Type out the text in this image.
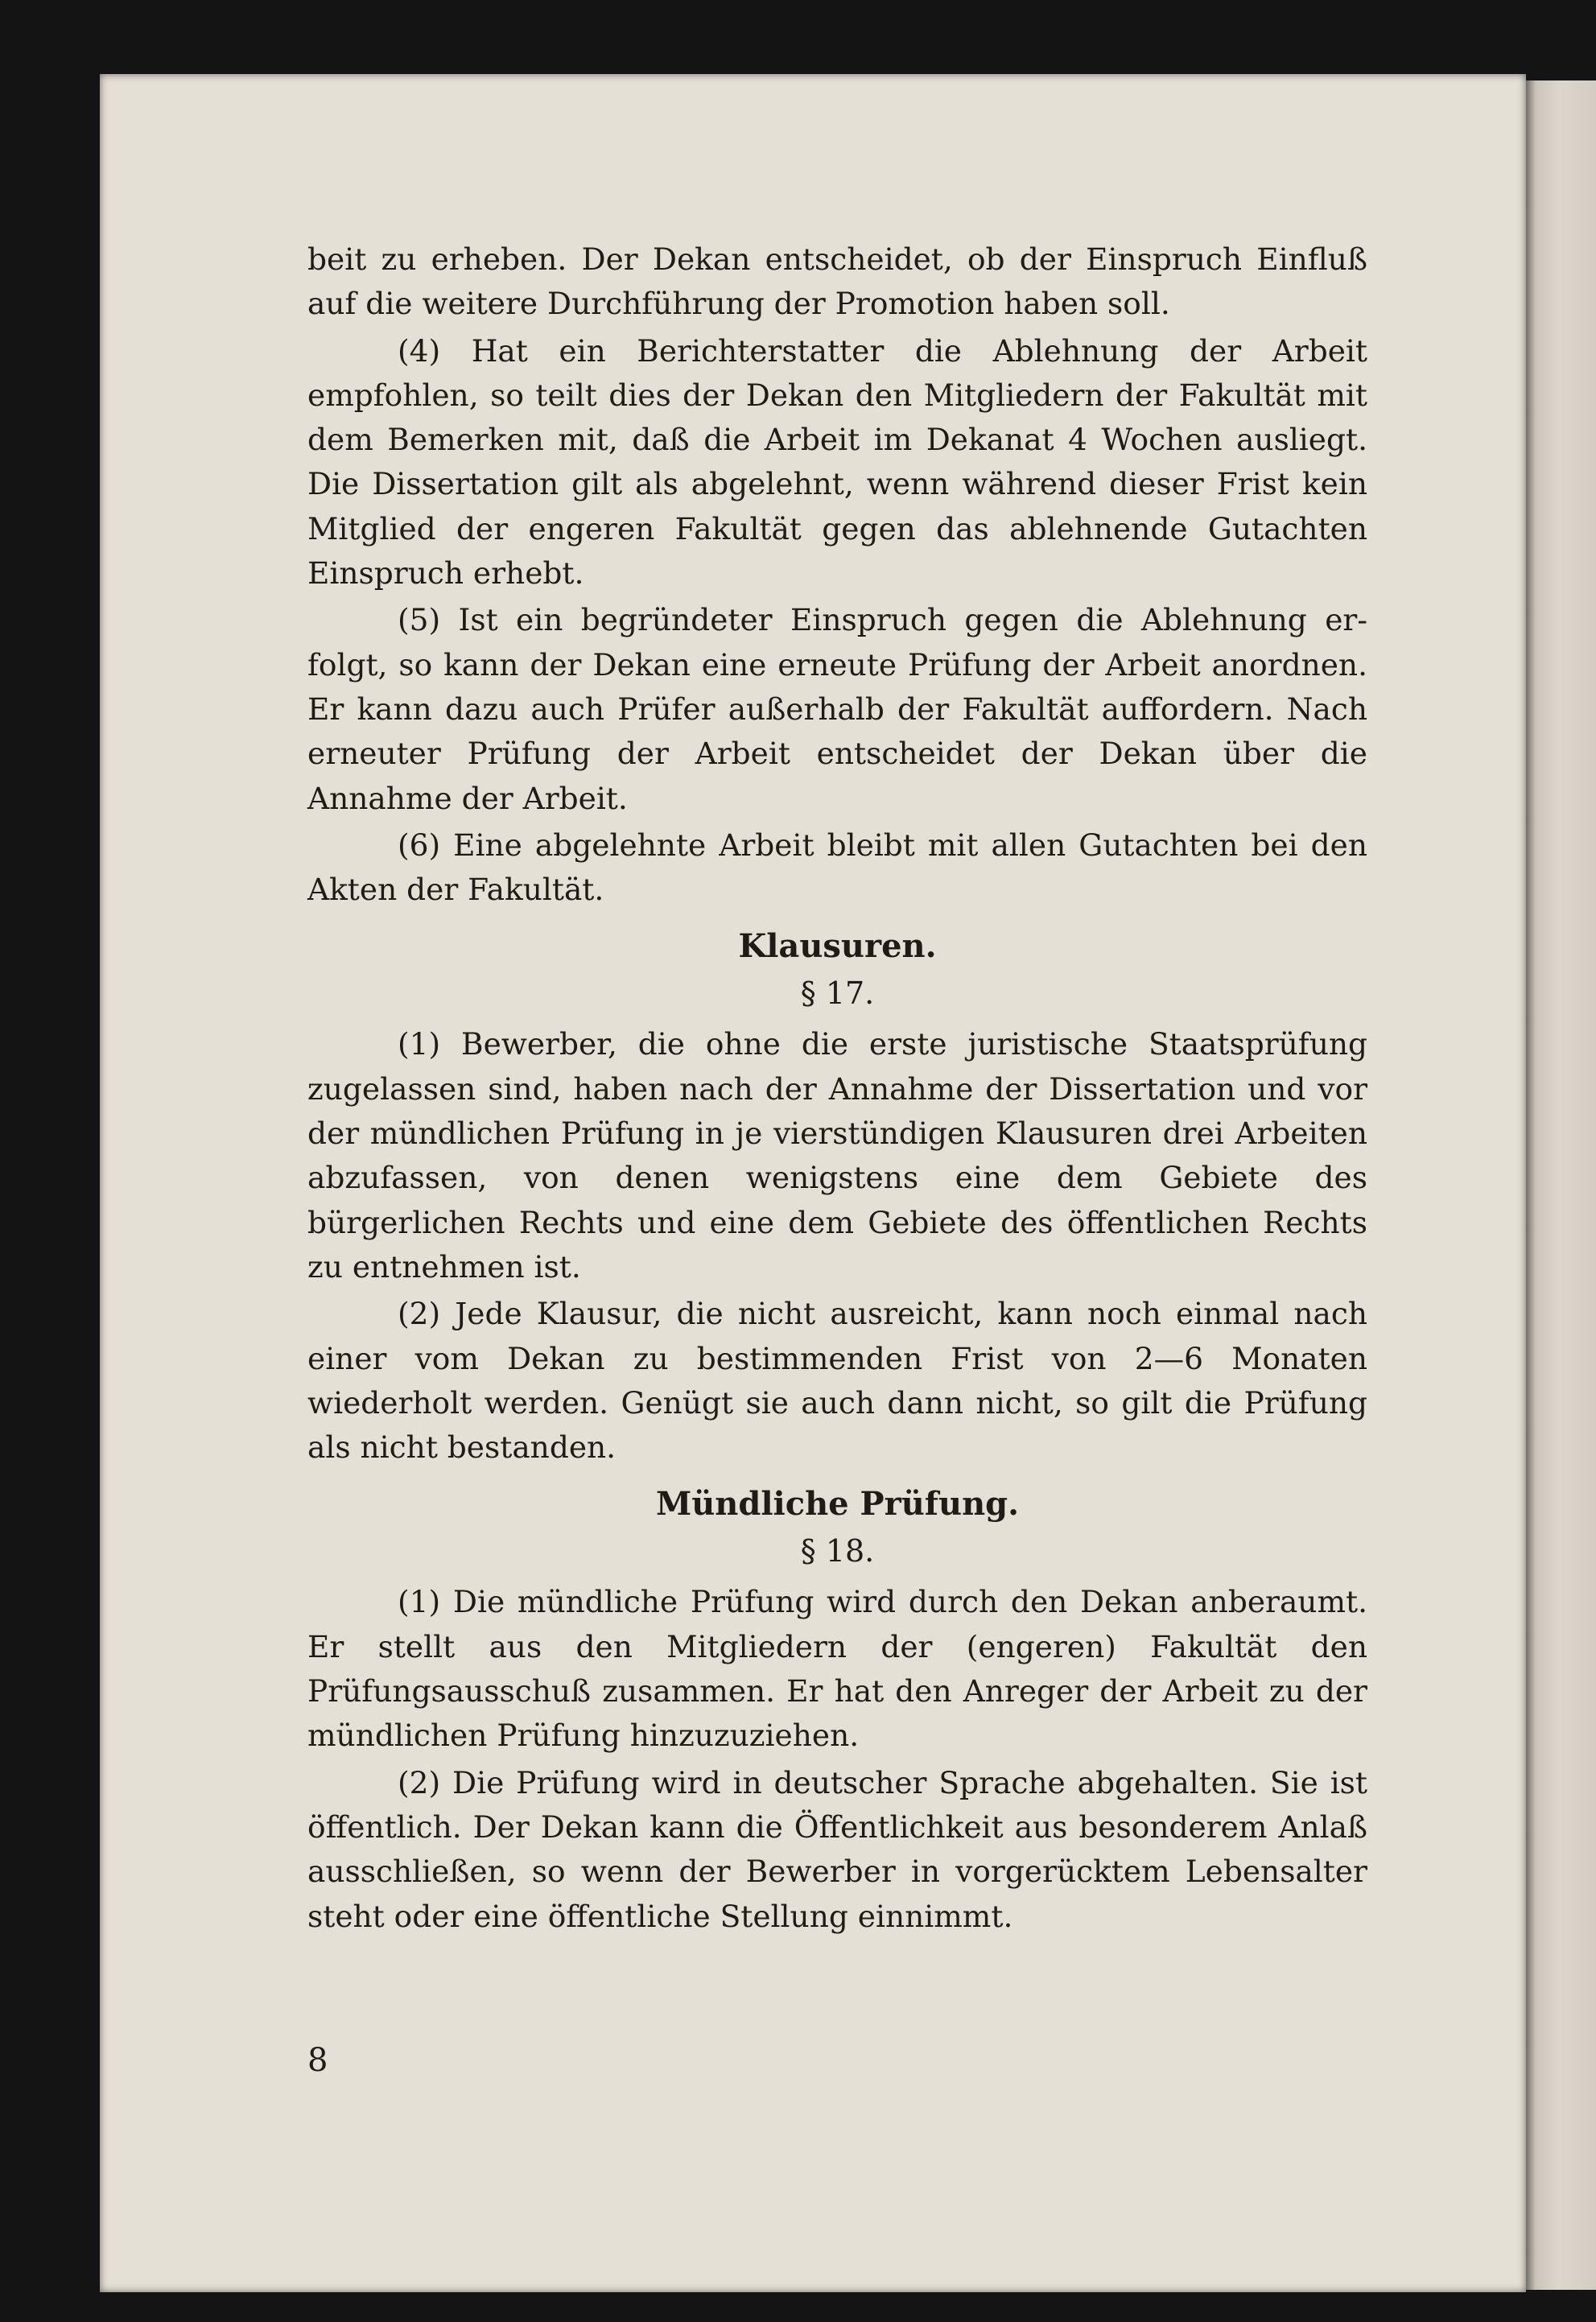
beit zu erheben. Der Dekan entscheidet, ob der Einspruch Einfluß auf die weitere Durchführung der Promotion haben soll.

(4) Hat ein Berichterstatter die Ablehnung der Arbeit empfohlen, so teilt dies der Dekan den Mitgliedern der Fakultät mit dem Bemerken mit, daß die Arbeit im Dekanat 4 Wochen ausliegt. Die Dissertation gilt als abgelehnt, wenn während dieser Frist kein Mitglied der engeren Fakultät gegen das ablehnende Gutachten Einspruch erhebt.

(5) Ist ein begründeter Einspruch gegen die Ablehnung erfolgt, so kann der Dekan eine erneute Prüfung der Arbeit anordnen. Er kann dazu auch Prüfer außerhalb der Fakultät auffordern. Nach erneuter Prüfung der Arbeit entscheidet der Dekan über die Annahme der Arbeit.

(6) Eine abgelehnte Arbeit bleibt mit allen Gutachten bei den Akten der Fakultät.

Klausuren.
§ 17.

(1) Bewerber, die ohne die erste juristische Staatsprüfung zugelassen sind, haben nach der Annahme der Dissertation und vor der mündlichen Prüfung in je vierstündigen Klausuren drei Arbeiten abzufassen, von denen wenigstens eine dem Gebiete des bürgerlichen Rechts und eine dem Gebiete des öffentlichen Rechts zu entnehmen ist.

(2) Jede Klausur, die nicht ausreicht, kann noch einmal nach einer vom Dekan zu bestimmenden Frist von 2—6 Monaten wiederholt werden. Genügt sie auch dann nicht, so gilt die Prüfung als nicht bestanden.

Mündliche Prüfung.
§ 18.

(1) Die mündliche Prüfung wird durch den Dekan anberaumt. Er stellt aus den Mitgliedern der (engeren) Fakultät den Prüfungsausschuß zusammen. Er hat den Anreger der Arbeit zu der mündlichen Prüfung hinzuzuziehen.

(2) Die Prüfung wird in deutscher Sprache abgehalten. Sie ist öffentlich. Der Dekan kann die Öffentlichkeit aus besonderem Anlaß ausschließen, so wenn der Bewerber in vorgerücktem Lebensalter steht oder eine öffentliche Stellung einnimmt.

8
